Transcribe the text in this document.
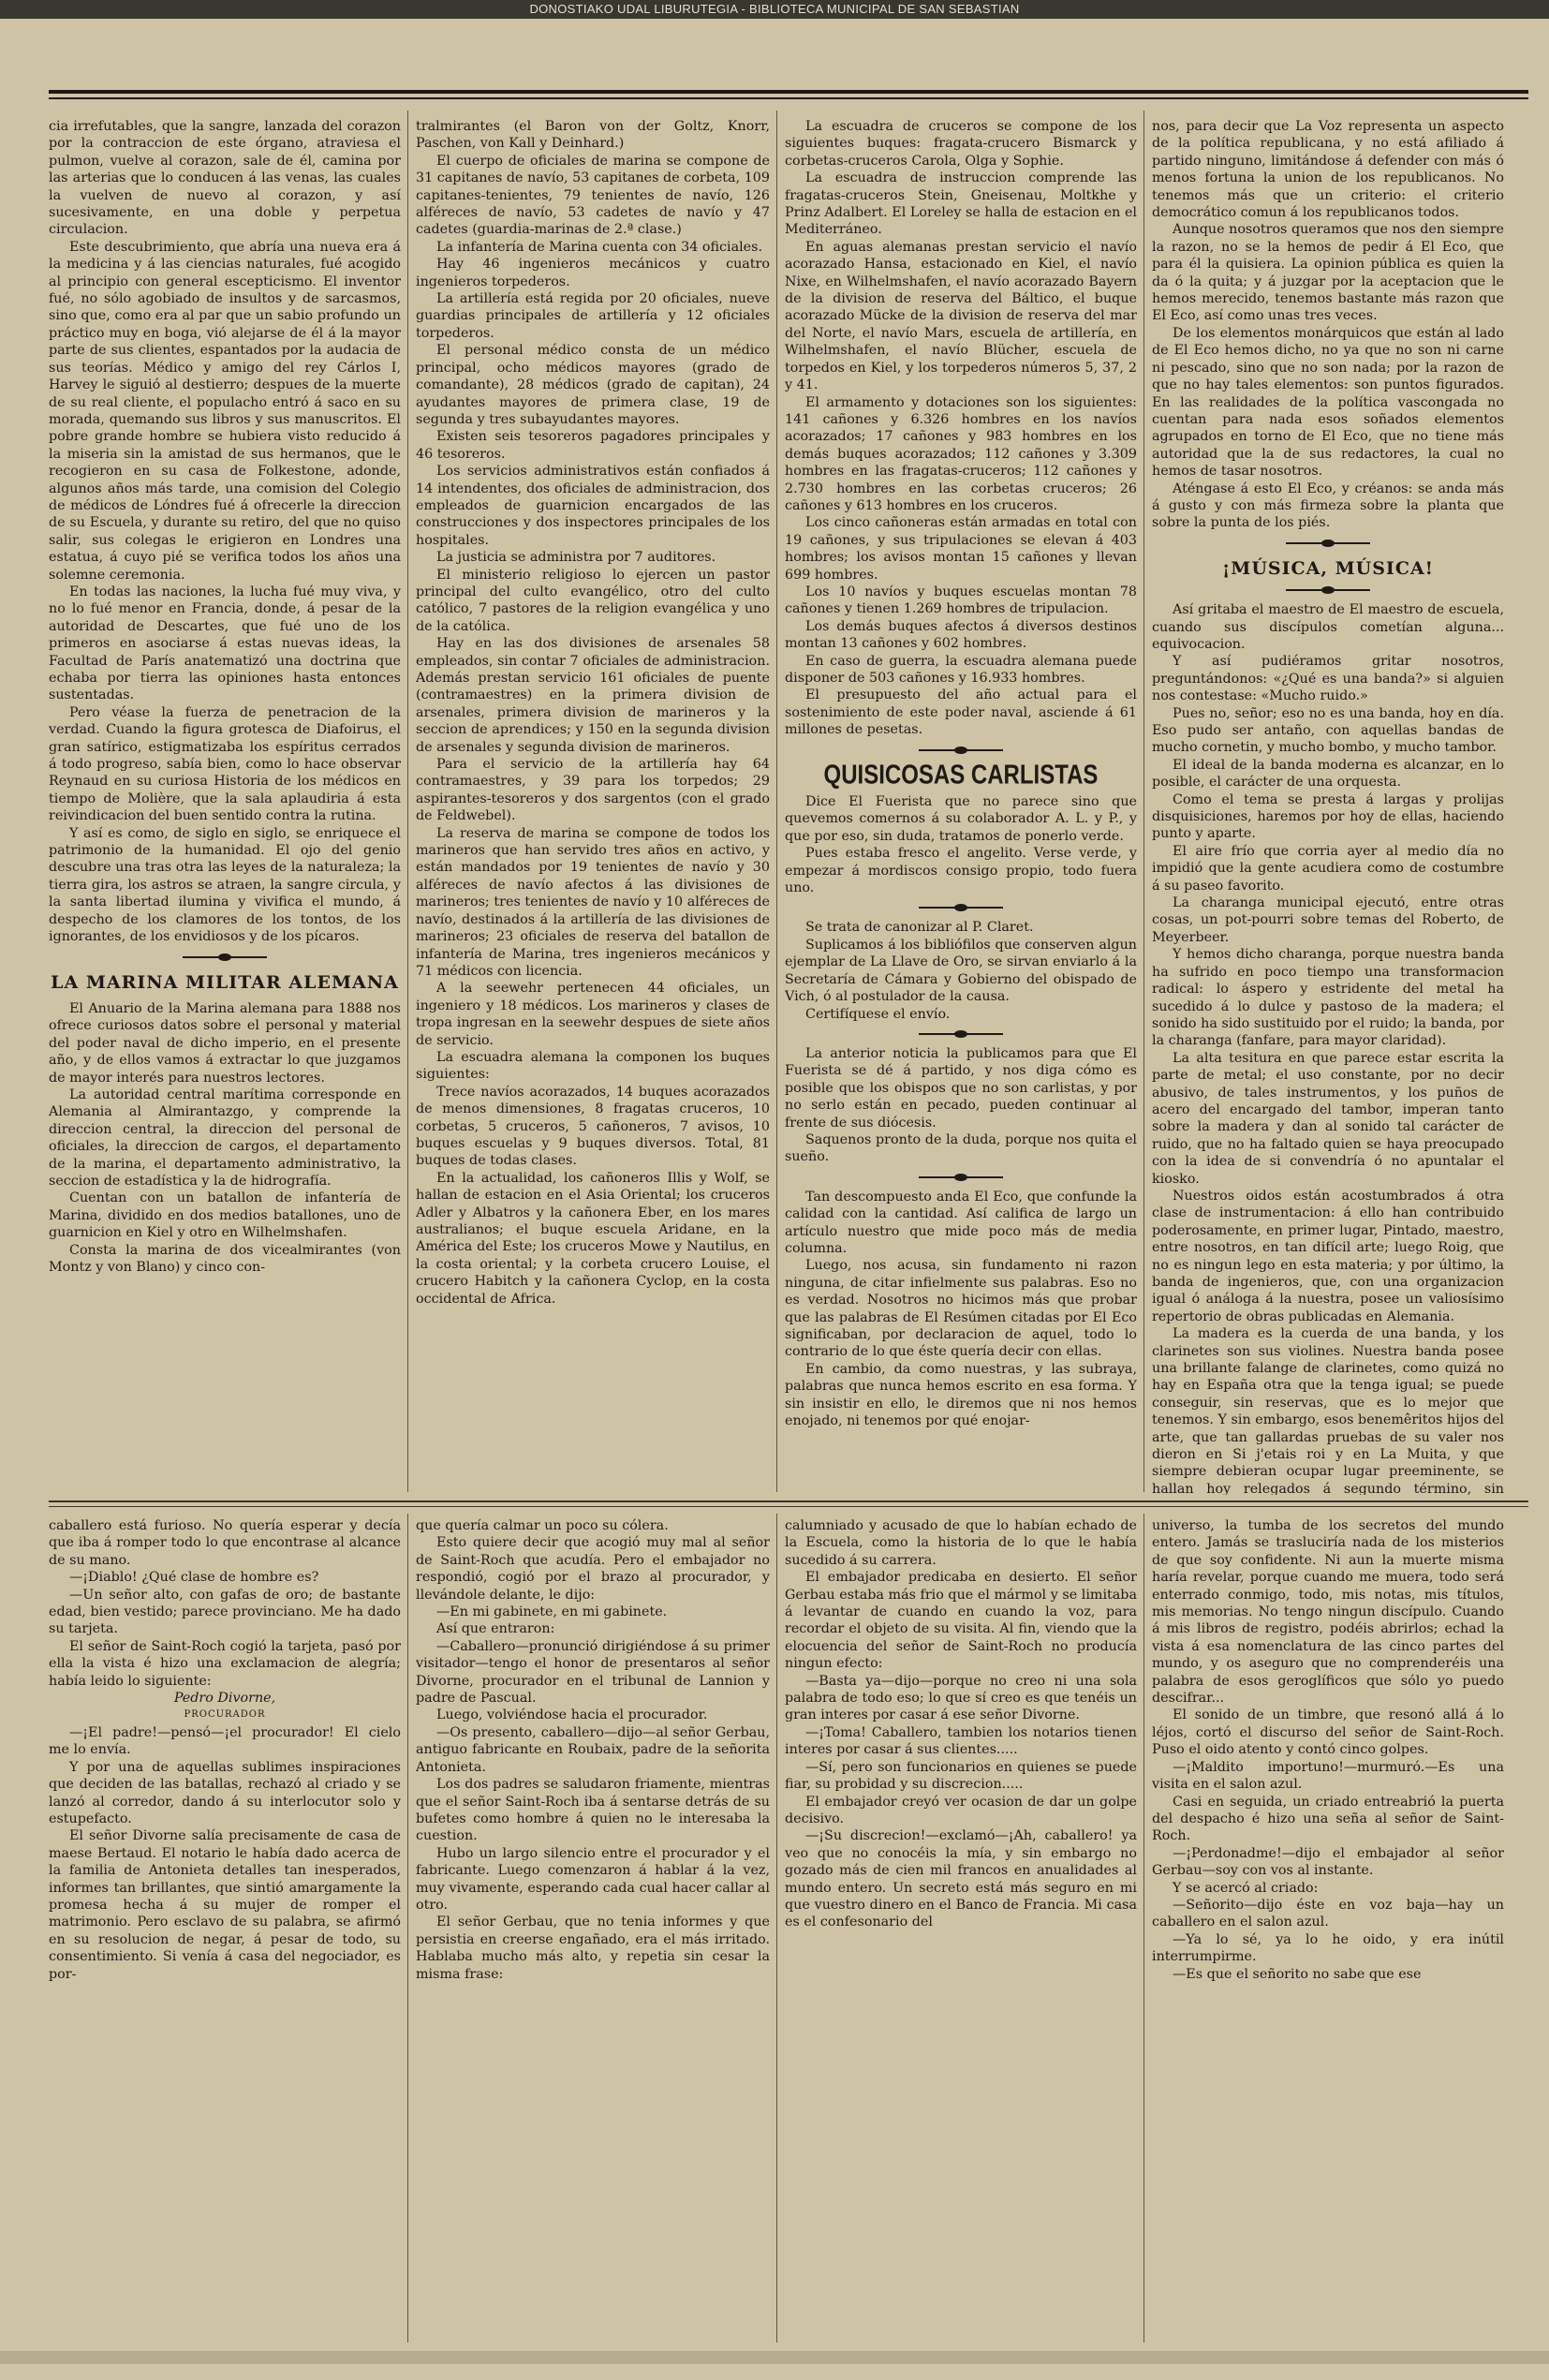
DONOSTIAKO UDAL LIBURUTEGIA - BIBLIOTECA MUNICIPAL DE SAN SEBASTIAN

cia irrefutables, que la sangre, lanzada del corazon por la contraccion de este órgano, atraviesa el pulmon, vuelve al corazon, sale de él, camina por las arterias que lo conducen á las venas, las cuales la vuelven de nuevo al corazon, y así sucesivamente, en una doble y perpetua circulacion.

Este descubrimiento, que abría una nueva era á la medicina y á las ciencias naturales, fué acogido al principio con general escepticismo. El inventor fué, no sólo agobiado de insultos y de sarcasmos, sino que, como era al par que un sabio profundo un práctico muy en boga, vió alejarse de él á la mayor parte de sus clientes, espantados por la audacia de sus teorías. Médico y amigo del rey Cárlos I, Harvey le siguió al destierro; despues de la muerte de su real cliente, el populacho entró á saco en su morada, quemando sus libros y sus manuscritos. El pobre grande hombre se hubiera visto reducido á la miseria sin la amistad de sus hermanos, que le recogieron en su casa de Folkestone, adonde, algunos años más tarde, una comision del Colegio de médicos de Lóndres fué á ofrecerle la direccion de su Escuela, y durante su retiro, del que no quiso salir, sus colegas le erigieron en Londres una estatua, á cuyo pié se verifica todos los años una solemne ceremonia.

En todas las naciones, la lucha fué muy viva, y no lo fué menor en Francia, donde, á pesar de la autoridad de Descartes, que fué uno de los primeros en asociarse á estas nuevas ideas, la Facultad de París anatematizó una doctrina que echaba por tierra las opiniones hasta entonces sustentadas.

Pero véase la fuerza de penetracion de la verdad. Cuando la figura grotesca de Diafoirus, el gran satírico, estigmatizaba los espíritus cerrados á todo progreso, sabía bien, como lo hace observar Reynaud en su curiosa Historia de los médicos en tiempo de Molière, que la sala aplaudiria á esta reivindicacion del buen sentido contra la rutina.

Y así es como, de siglo en siglo, se enriquece el patrimonio de la humanidad. El ojo del genio descubre una tras otra las leyes de la naturaleza; la tierra gira, los astros se atraen, la sangre circula, y la santa libertad ilumina y vivifica el mundo, á despecho de los clamores de los tontos, de los ignorantes, de los envidiosos y de los pícaros.

LA MARINA MILITAR ALEMANA

El Anuario de la Marina alemana para 1888 nos ofrece curiosos datos sobre el personal y material del poder naval de dicho imperio, en el presente año, y de ellos vamos á extractar lo que juzgamos de mayor interés para nuestros lectores.

La autoridad central marítima corresponde en Alemania al Almirantazgo, y comprende la direccion central, la direccion del personal de oficiales, la direccion de cargos, el departamento de la marina, el departamento administrativo, la seccion de estadística y la de hidrografía.

Cuentan con un batallon de infantería de Marina, dividido en dos medios batallones, uno de guarnicion en Kiel y otro en Wilhelmshafen.

Consta la marina de dos vicealmirantes (von Montz y von Blano) y cinco con-

tralmirantes (el Baron von der Goltz, Knorr, Paschen, von Kall y Deinhard.)

El cuerpo de oficiales de marina se compone de 31 capitanes de navío, 53 capitanes de corbeta, 109 capitanes-tenientes, 79 tenientes de navío, 126 alféreces de navío, 53 cadetes de navío y 47 cadetes (guardia-marinas de 2.ª clase.)

La infantería de Marina cuenta con 34 oficiales.

Hay 46 ingenieros mecánicos y cuatro ingenieros torpederos.

La artillería está regida por 20 oficiales, nueve guardias principales de artillería y 12 oficiales torpederos.

El personal médico consta de un médico principal, ocho médicos mayores (grado de comandante), 28 médicos (grado de capitan), 24 ayudantes mayores de primera clase, 19 de segunda y tres subayudantes mayores.

Existen seis tesoreros pagadores principales y 46 tesoreros.

Los servicios administrativos están confiados á 14 intendentes, dos oficiales de administracion, dos empleados de guarnicion encargados de las construcciones y dos inspectores principales de los hospitales.

La justicia se administra por 7 auditores.

El ministerio religioso lo ejercen un pastor principal del culto evangélico, otro del culto católico, 7 pastores de la religion evangélica y uno de la católica.

Hay en las dos divisiones de arsenales 58 empleados, sin contar 7 oficiales de administracion. Además prestan servicio 161 oficiales de puente (contramaestres) en la primera division de arsenales, primera division de marineros y la seccion de aprendices; y 150 en la segunda division de arsenales y segunda division de marineros.

Para el servicio de la artillería hay 64 contramaestres, y 39 para los torpedos; 29 aspirantes-tesoreros y dos sargentos (con el grado de Feldwebel).

La reserva de marina se compone de todos los marineros que han servido tres años en activo, y están mandados por 19 tenientes de navío y 30 alféreces de navío afectos á las divisiones de marineros; tres tenientes de navío y 10 alféreces de navío, destinados á la artillería de las divisiones de marineros; 23 oficiales de reserva del batallon de infantería de Marina, tres ingenieros mecánicos y 71 médicos con licencia.

A la seewehr pertenecen 44 oficiales, un ingeniero y 18 médicos. Los marineros y clases de tropa ingresan en la seewehr despues de siete años de servicio.

La escuadra alemana la componen los buques siguientes:

Trece navíos acorazados, 14 buques acorazados de menos dimensiones, 8 fragatas cruceros, 10 corbetas, 5 cruceros, 5 cañoneros, 7 avisos, 10 buques escuelas y 9 buques diversos. Total, 81 buques de todas clases.

En la actualidad, los cañoneros Illis y Wolf, se hallan de estacion en el Asia Oriental; los cruceros Adler y Albatros y la cañonera Eber, en los mares australianos; el buque escuela Aridane, en la América del Este; los cruceros Mowe y Nautilus, en la costa oriental; y la corbeta crucero Louise, el crucero Habitch y la cañonera Cyclop, en la costa occidental de Africa.

La escuadra de cruceros se compone de los siguientes buques: fragata-crucero Bismarck y corbetas-cruceros Carola, Olga y Sophie.

La escuadra de instruccion comprende las fragatas-cruceros Stein, Gneisenau, Moltkhe y Prinz Adalbert. El Loreley se halla de estacion en el Mediterráneo.

En aguas alemanas prestan servicio el navío acorazado Hansa, estacionado en Kiel, el navío Nixe, en Wilhelmshafen, el navío acorazado Bayern de la division de reserva del Báltico, el buque acorazado Mücke de la division de reserva del mar del Norte, el navío Mars, escuela de artillería, en Wilhelmshafen, el navío Blücher, escuela de torpedos en Kiel, y los torpederos números 5, 37, 2 y 41.

El armamento y dotaciones son los siguientes: 141 cañones y 6.326 hombres en los navíos acorazados; 17 cañones y 983 hombres en los demás buques acorazados; 112 cañones y 3.309 hombres en las fragatas-cruceros; 112 cañones y 2.730 hombres en las corbetas cruceros; 26 cañones y 613 hombres en los cruceros.

Los cinco cañoneras están armadas en total con 19 cañones, y sus tripulaciones se elevan á 403 hombres; los avisos montan 15 cañones y llevan 699 hombres.

Los 10 navíos y buques escuelas montan 78 cañones y tienen 1.269 hombres de tripulacion.

Los demás buques afectos á diversos destinos montan 13 cañones y 602 hombres.

En caso de guerra, la escuadra alemana puede disponer de 503 cañones y 16.933 hombres.

El presupuesto del año actual para el sostenimiento de este poder naval, asciende á 61 millones de pesetas.

QUISICOSAS CARLISTAS

Dice El Fuerista que no parece sino que quevemos comernos á su colaborador A. L. y P., y que por eso, sin duda, tratamos de ponerlo verde.

Pues estaba fresco el angelito. Verse verde, y empezar á mordiscos consigo propio, todo fuera uno.

Se trata de canonizar al P. Claret.

Suplicamos á los bibliófilos que conserven algun ejemplar de La Llave de Oro, se sirvan enviarlo á la Secretaría de Cámara y Gobierno del obispado de Vich, ó al postulador de la causa.

Certifíquese el envío.

La anterior noticia la publicamos para que El Fuerista se dé á partido, y nos diga cómo es posible que los obispos que no son carlistas, y por no serlo están en pecado, pueden continuar al frente de sus diócesis.

Saquenos pronto de la duda, porque nos quita el sueño.

Tan descompuesto anda El Eco, que confunde la calidad con la cantidad. Así califica de largo un artículo nuestro que mide poco más de media columna.

Luego, nos acusa, sin fundamento ni razon ninguna, de citar infielmente sus palabras. Eso no es verdad. Nosotros no hicimos más que probar que las palabras de El Resúmen citadas por El Eco significaban, por declaracion de aquel, todo lo contrario de lo que éste quería decir con ellas.

En cambio, da como nuestras, y las subraya, palabras que nunca hemos escrito en esa forma. Y sin insistir en ello, le diremos que ni nos hemos enojado, ni tenemos por qué enojar-

nos, para decir que La Voz representa un aspecto de la política republicana, y no está afiliado á partido ninguno, limitándose á defender con más ó menos fortuna la union de los republicanos. No tenemos más que un criterio: el criterio democrático comun á los republicanos todos.

Aunque nosotros queramos que nos den siempre la razon, no se la hemos de pedir á El Eco, que para él la quisiera. La opinion pública es quien la da ó la quita; y á juzgar por la aceptacion que le hemos merecido, tenemos bastante más razon que El Eco, así como unas tres veces.

De los elementos monárquicos que están al lado de El Eco hemos dicho, no ya que no son ni carne ni pescado, sino que no son nada; por la razon de que no hay tales elementos: son puntos figurados. En las realidades de la política vascongada no cuentan para nada esos soñados elementos agrupados en torno de El Eco, que no tiene más autoridad que la de sus redactores, la cual no hemos de tasar nosotros.

Aténgase á esto El Eco, y créanos: se anda más á gusto y con más firmeza sobre la planta que sobre la punta de los piés.

¡MÚSICA, MÚSICA!

Así gritaba el maestro de El maestro de escuela, cuando sus discípulos cometían alguna... equivocacion.

Y así pudiéramos gritar nosotros, preguntándonos: «¿Qué es una banda?» si alguien nos contestase: «Mucho ruido.»

Pues no, señor; eso no es una banda, hoy en día. Eso pudo ser antaño, con aquellas bandas de mucho cornetin, y mucho bombo, y mucho tambor.

El ideal de la banda moderna es alcanzar, en lo posible, el carácter de una orquesta.

Como el tema se presta á largas y prolijas disquisiciones, haremos por hoy de ellas, haciendo punto y aparte.

El aire frío que corria ayer al medio día no impidió que la gente acudiera como de costumbre á su paseo favorito.

La charanga municipal ejecutó, entre otras cosas, un pot-pourri sobre temas del Roberto, de Meyerbeer.

Y hemos dicho charanga, porque nuestra banda ha sufrido en poco tiempo una transformacion radical: lo áspero y estridente del metal ha sucedido á lo dulce y pastoso de la madera; el sonido ha sido sustituido por el ruido; la banda, por la charanga (fanfare, para mayor claridad).

La alta tesitura en que parece estar escrita la parte de metal; el uso constante, por no decir abusivo, de tales instrumentos, y los puños de acero del encargado del tambor, imperan tanto sobre la madera y dan al sonido tal carácter de ruido, que no ha faltado quien se haya preocupado con la idea de si convendría ó no apuntalar el kiosko.

Nuestros oidos están acostumbrados á otra clase de instrumentacion: á ello han contribuido poderosamente, en primer lugar, Pintado, maestro, entre nosotros, en tan difícil arte; luego Roig, que no es ningun lego en esta materia; y por último, la banda de ingenieros, que, con una organizacion igual ó análoga á la nuestra, posee un valiosísimo repertorio de obras publicadas en Alemania.

La madera es la cuerda de una banda, y los clarinetes son sus violines. Nuestra banda posee una brillante falange de clarinetes, como quizá no hay en España otra que la tenga igual; se puede conseguir, sin reservas, que es lo mejor que tenemos. Y sin embargo, esos benemêritos hijos del arte, que tan gallardas pruebas de su valer nos dieron en Si j'etais roi y en La Muita, y que siempre debieran ocupar lugar preeminente, se hallan hoy relegados á segundo término, sin

caballero está furioso. No quería esperar y decía que iba á romper todo lo que encontrase al alcance de su mano.

—¡Diablo! ¿Qué clase de hombre es?

—Un señor alto, con gafas de oro; de bastante edad, bien vestido; parece provinciano. Me ha dado su tarjeta.

El señor de Saint-Roch cogió la tarjeta, pasó por ella la vista é hizo una exclamacion de alegría; había leido lo siguiente:

Pedro Divorne,

PROCURADOR

—¡El padre!—pensó—¡el procurador! El cielo me lo envía.

Y por una de aquellas sublimes inspiraciones que deciden de las batallas, rechazó al criado y se lanzó al corredor, dando á su interlocutor solo y estupefacto.

El señor Divorne salía precisamente de casa de maese Bertaud. El notario le había dado acerca de la familia de Antonieta detalles tan inesperados, informes tan brillantes, que sintió amargamente la promesa hecha á su mujer de romper el matrimonio. Pero esclavo de su palabra, se afirmó en su resolucion de negar, á pesar de todo, su consentimiento. Si venía á casa del negociador, es por-

que quería calmar un poco su cólera.

Esto quiere decir que acogió muy mal al señor de Saint-Roch que acudía. Pero el embajador no respondió, cogió por el brazo al procurador, y llevándole delante, le dijo:

—En mi gabinete, en mi gabinete.

Así que entraron:

—Caballero—pronunció dirigiéndose á su primer visitador—tengo el honor de presentaros al señor Divorne, procurador en el tribunal de Lannion y padre de Pascual.

Luego, volviéndose hacia el procurador.

—Os presento, caballero—dijo—al señor Gerbau, antiguo fabricante en Roubaix, padre de la señorita Antonieta.

Los dos padres se saludaron friamente, mientras que el señor Saint-Roch iba á sentarse detrás de su bufetes como hombre á quien no le interesaba la cuestion.

Hubo un largo silencio entre el procurador y el fabricante. Luego comenzaron á hablar á la vez, muy vivamente, esperando cada cual hacer callar al otro.

El señor Gerbau, que no tenia informes y que persistia en creerse engañado, era el más irritado. Hablaba mucho más alto, y repetia sin cesar la misma frase:

calumniado y acusado de que lo habían echado de la Escuela, como la historia de lo que le había sucedido á su carrera.

El embajador predicaba en desierto. El señor Gerbau estaba más frio que el mármol y se limitaba á levantar de cuando en cuando la voz, para recordar el objeto de su visita. Al fin, viendo que la elocuencia del señor de Saint-Roch no producía ningun efecto:

—Basta ya—dijo—porque no creo ni una sola palabra de todo eso; lo que sí creo es que tenéis un gran interes por casar á ese señor Divorne.

—¡Toma! Caballero, tambien los notarios tienen interes por casar á sus clientes.....

—Sí, pero son funcionarios en quienes se puede fiar, su probidad y su discrecion.....

El embajador creyó ver ocasion de dar un golpe decisivo.

—¡Su discrecion!—exclamó—¡Ah, caballero! ya veo que no conocéis la mía, y sin embargo no gozado más de cien mil francos en anualidades al mundo entero. Un secreto está más seguro en mi que vuestro dinero en el Banco de Francia. Mi casa es el confesonario del

universo, la tumba de los secretos del mundo entero. Jamás se trasluciría nada de los misterios de que soy confidente. Ni aun la muerte misma haría revelar, porque cuando me muera, todo será enterrado conmigo, todo, mis notas, mis títulos, mis memorias. No tengo ningun discípulo. Cuando á mis libros de registro, podéis abrirlos; echad la vista á esa nomenclatura de las cinco partes del mundo, y os aseguro que no comprenderéis una palabra de esos geroglíficos que sólo yo puedo descifrar...

El sonido de un timbre, que resonó allá á lo léjos, cortó el discurso del señor de Saint-Roch. Puso el oido atento y contó cinco golpes.

—¡Maldito importuno!—murmuró.—Es una visita en el salon azul.

Casi en seguida, un criado entreabrió la puerta del despacho é hizo una seña al señor de Saint-Roch.

—¡Perdonadme!—dijo el embajador al señor Gerbau—soy con vos al instante.

Y se acercó al criado:

—Señorito—dijo éste en voz baja—hay un caballero en el salon azul.

—Ya lo sé, ya lo he oido, y era inútil interrumpirme.

—Es que el señorito no sabe que ese
